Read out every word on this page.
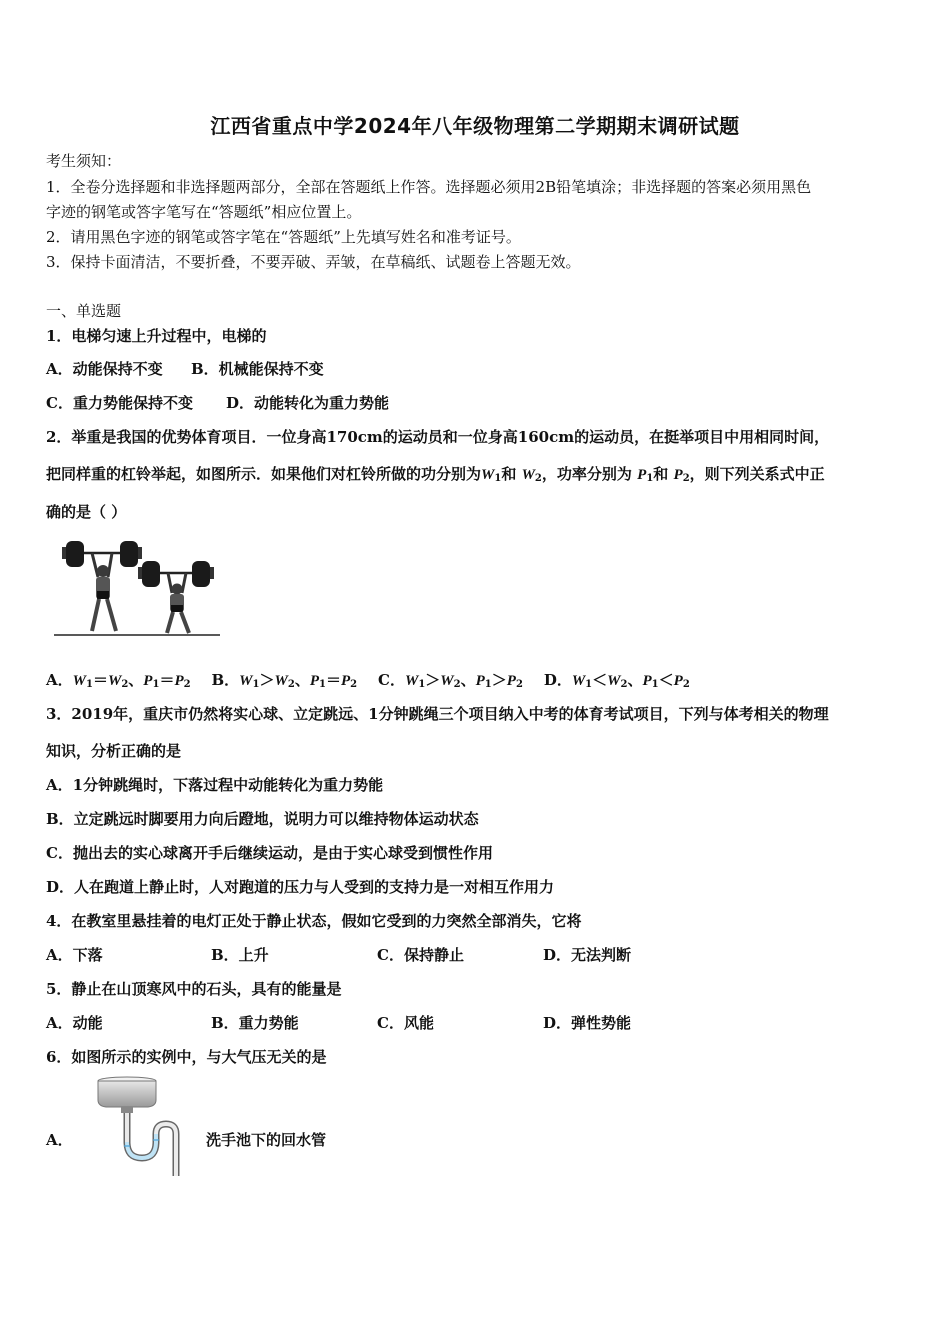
江西省重点中学2024年八年级物理第二学期期末调研试题
考生须知：
1．全卷分选择题和非选择题两部分，全部在答题纸上作答。选择题必须用2B铅笔填涂；非选择题的答案必须用黑色
字迹的钢笔或答字笔写在“答题纸”相应位置上。
2．请用黑色字迹的钢笔或答字笔在“答题纸”上先填写姓名和准考证号。
3．保持卡面清洁，不要折叠，不要弄破、弄皱，在草稿纸、试题卷上答题无效。
一、单选题
1．电梯匀速上升过程中，电梯的
A．动能保持不变 B．机械能保持不变
C．重力势能保持不变 D．动能转化为重力势能
2．举重是我国的优势体育项目．一位身高170cm的运动员和一位身高160cm的运动员，在挺举项目中用相同时间，
把同样重的杠铃举起，如图所示．如果他们对杠铃所做的功分别为$W_1$和 $W_2$，功率分别为 $P_1$和 $P_2$，则下列关系式中正
确的是（ ）
A．$W_1=W_2$、$P_1=P_2$ B．$W_1>W_2$、$P_1=P_2$ C．$W_1>W_2$、$P_1>P_2$ D．$W_1<W_2$、$P_1<P_2$
3．2019年，重庆市仍然将实心球、立定跳远、1分钟跳绳三个项目纳入中考的体育考试项目，下列与体考相关的物理
知识，分析正确的是
A．1分钟跳绳时，下落过程中动能转化为重力势能
B．立定跳远时脚要用力向后蹬地，说明力可以维持物体运动状态
C．抛出去的实心球离开手后继续运动，是由于实心球受到惯性作用
D．人在跑道上静止时，人对跑道的压力与人受到的支持力是一对相互作用力
4．在教室里悬挂着的电灯正处于静止状态，假如它受到的力突然全部消失，它将
A．下落	B．上升	C．保持静止	D．无法判断
5．静止在山顶寒风中的石头，具有的能量是
A．动能	B．重力势能	C．风能	D．弹性势能
6．如图所示的实例中，与大气压无关的是
A．	洗手池下的回水管
